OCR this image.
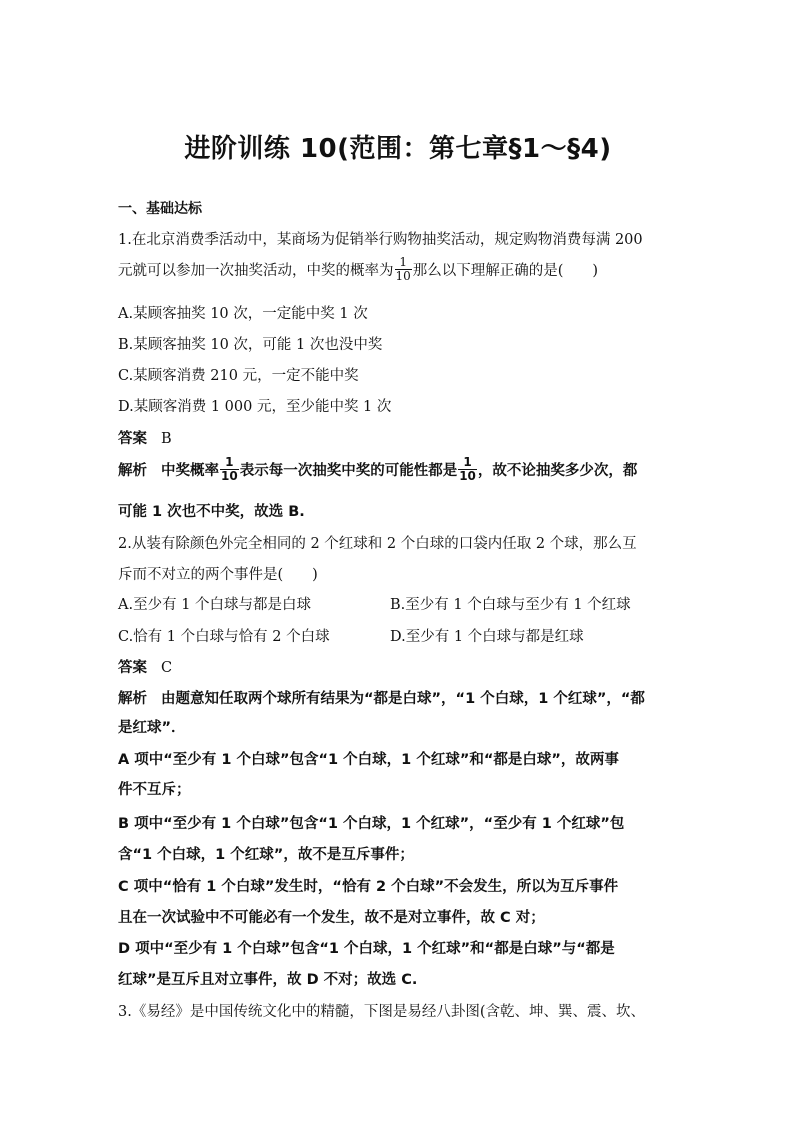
进阶训练 10(范围：第七章§1～§4)
一、基础达标
1.在北京消费季活动中，某商场为促销举行购物抽奖活动，规定购物消费每满 200
元就可以参加一次抽奖活动，中奖的概率为 $\frac{1}{10}$ 那么以下理解正确的是(　　)
A.某顾客抽奖 10 次，一定能中奖 1 次
B.某顾客抽奖 10 次，可能 1 次也没中奖
C.某顾客消费 210 元，一定不能中奖
D.某顾客消费 1 000 元，至少能中奖 1 次
答案 B
解析 中奖概率 $\frac{1}{10}$ 表示每一次抽奖中奖的可能性都是 $\frac{1}{10}$ ，故不论抽奖多少次，都
可能 1 次也不中奖，故选 B.
2.从装有除颜色外完全相同的 2 个红球和 2 个白球的口袋内任取 2 个球，那么互
斥而不对立的两个事件是(　　)
A.至少有 1 个白球与都是白球	B.至少有 1 个白球与至少有 1 个红球
C.恰有 1 个白球与恰有 2 个白球	D.至少有 1 个白球与都是红球
答案 C
解析 由题意知任取两个球所有结果为“都是白球”，“1 个白球，1 个红球”，“都
是红球”．
A 项中“至少有 1 个白球”包含“1 个白球，1 个红球”和“都是白球”，故两事
件不互斥；
B 项中“至少有 1 个白球”包含“1 个白球，1 个红球”，“至少有 1 个红球”包
含“1 个白球，1 个红球”，故不是互斥事件；
C 项中“恰有 1 个白球”发生时，“恰有 2 个白球”不会发生，所以为互斥事件
且在一次试验中不可能必有一个发生，故不是对立事件，故 C 对；
D 项中“至少有 1 个白球”包含“1 个白球，1 个红球”和“都是白球”与“都是
红球”是互斥且对立事件，故 D 不对；故选 C.
3.《易经》是中国传统文化中的精髓，下图是易经八卦图(含乾、坤、巽、震、坎、
